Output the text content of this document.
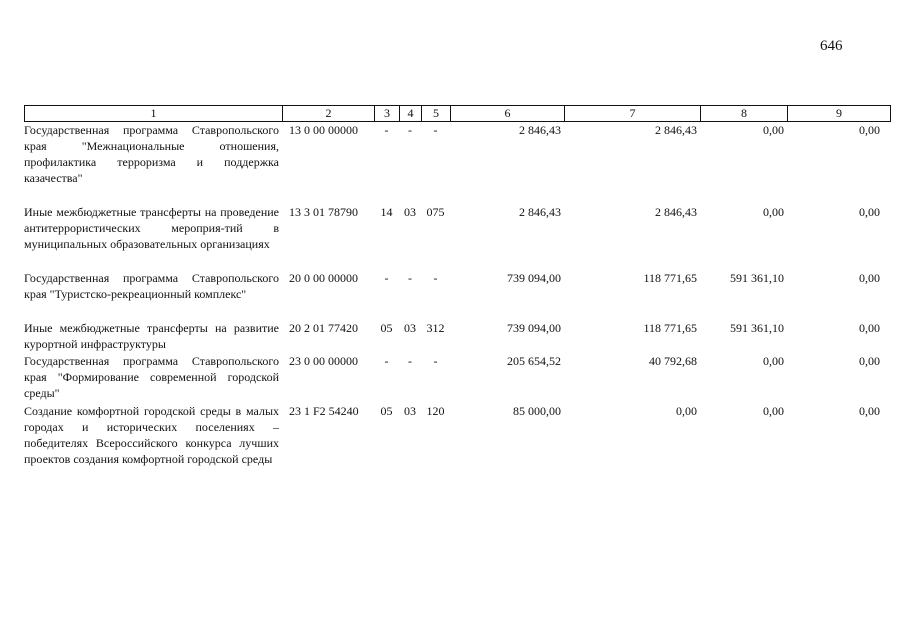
646
1	2	3	4	5	6	7	8	9
Государственная программа Ставропольского края "Межнациональные отношения, профилактика терроризма и поддержка казачества"	13 0 00 00000	-	-	-	2 846,43	2 846,43	0,00	0,00
Иные межбюджетные трансферты на проведение антитеррористических мероприя-тий в муниципальных образовательных организациях	13 3 01 78790	14	03	075	2 846,43	2 846,43	0,00	0,00
Государственная программа Ставропольского края "Туристско-рекреационный комплекс"	20 0 00 00000	-	-	-	739 094,00	118 771,65	591 361,10	0,00
Иные межбюджетные трансферты на развитие курортной инфраструктуры	20 2 01 77420	05	03	312	739 094,00	118 771,65	591 361,10	0,00
Государственная программа Ставропольского края "Формирование современной городской среды"	23 0 00 00000	-	-	-	205 654,52	40 792,68	0,00	0,00
Создание комфортной городской среды в малых городах и исторических поселениях – победителях Всероссийского конкурса лучших проектов создания комфортной городской среды	23 1 F2 54240	05	03	120	85 000,00	0,00	0,00	0,00
